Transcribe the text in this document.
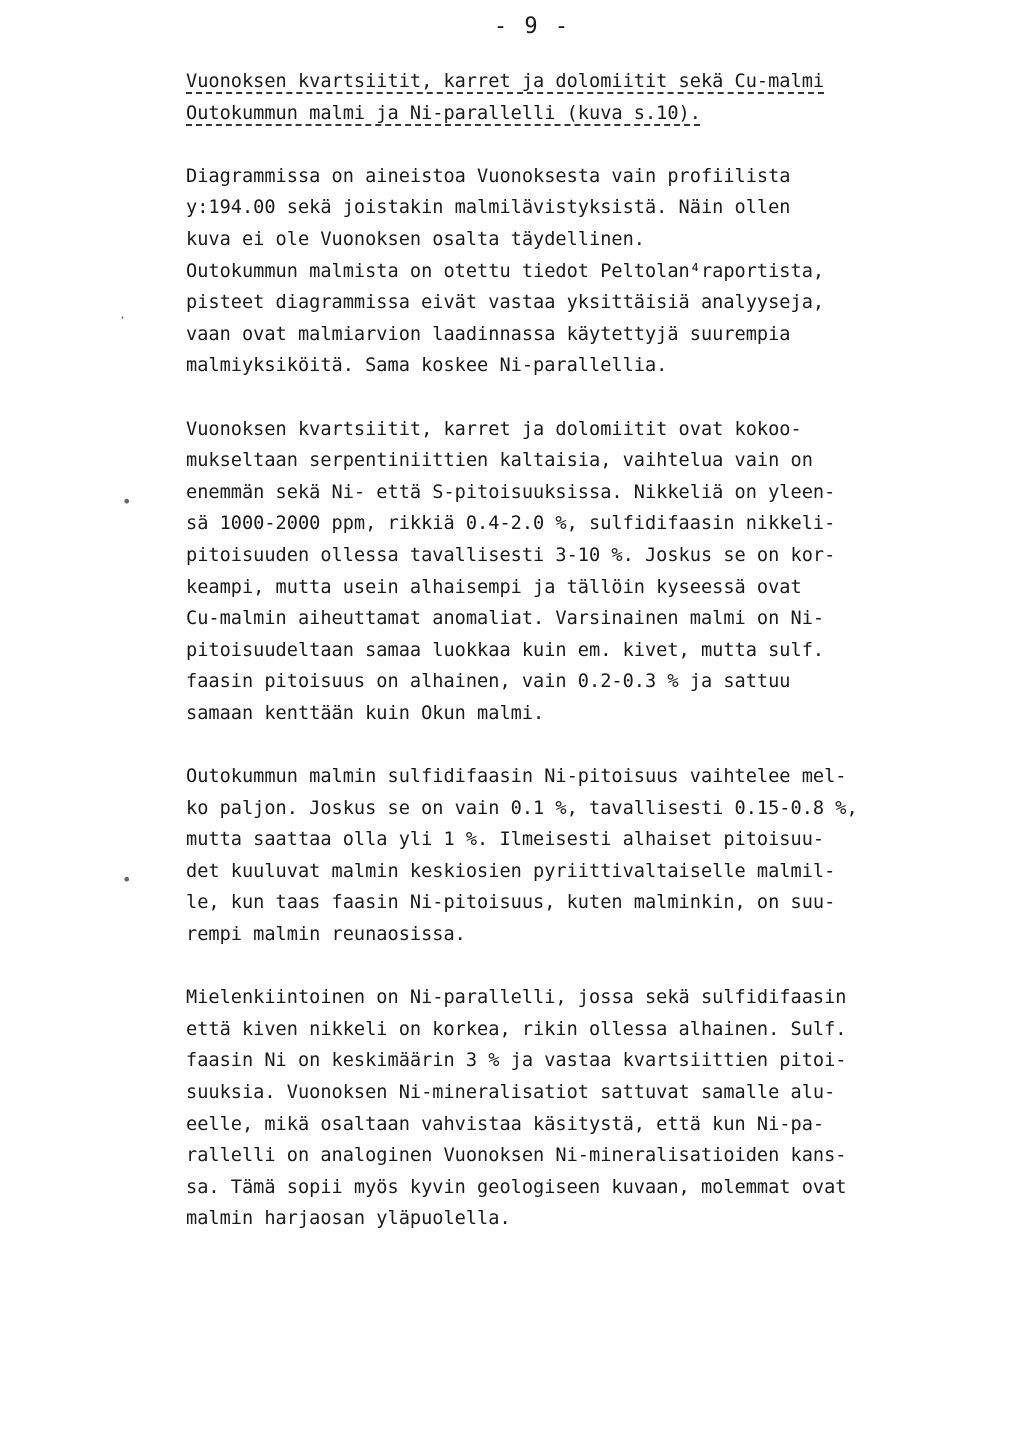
- 9 -
Vuonoksen kvartsiitit, karret ja dolomiitit sekä Cu-malmi
Outokummun malmi ja Ni-parallelli (kuva s.10).
Diagrammissa on aineistoa Vuonoksesta vain profiilista
y:194.00 sekä joistakin malmilävistyksistä. Näin ollen
kuva ei ole Vuonoksen osalta täydellinen.
Outokummun malmista on otettu tiedot Peltolan⁴raportista,
pisteet diagrammissa eivät vastaa yksittäisiä analyyseja,
vaan ovat malmiarvion laadinnassa käytettyjä suurempia
malmiyksiköitä. Sama koskee Ni-parallellia.
Vuonoksen kvartsiitit, karret ja dolomiitit ovat kokoo-
mukseltaan serpentiniittien kaltaisia, vaihtelua vain on
enemmän sekä Ni- että S-pitoisuuksissa. Nikkeliä on yleen-
sä 1000-2000 ppm, rikkiä 0.4-2.0 %, sulfidifaasin nikkeli-
pitoisuuden ollessa tavallisesti 3-10 %. Joskus se on kor-
keampi, mutta usein alhaisempi ja tällöin kyseessä ovat
Cu-malmin aiheuttamat anomaliat. Varsinainen malmi on Ni-
pitoisuudeltaan samaa luokkaa kuin em. kivet, mutta sulf.
faasin pitoisuus on alhainen, vain 0.2-0.3 % ja sattuu
samaan kenttään kuin Okun malmi.
Outokummun malmin sulfidifaasin Ni-pitoisuus vaihtelee mel-
ko paljon. Joskus se on vain 0.1 %, tavallisesti 0.15-0.8 %,
mutta saattaa olla yli 1 %. Ilmeisesti alhaiset pitoisuu-
det kuuluvat malmin keskiosien pyriittivaltaiselle malmil-
le, kun taas faasin Ni-pitoisuus, kuten malminkin, on suu-
rempi malmin reunaosissa.
Mielenkiintoinen on Ni-parallelli, jossa sekä sulfidifaasin
että kiven nikkeli on korkea, rikin ollessa alhainen. Sulf.
faasin Ni on keskimäärin 3 % ja vastaa kvartsiittien pitoi-
suuksia. Vuonoksen Ni-mineralisatiot sattuvat samalle alu-
eelle, mikä osaltaan vahvistaa käsitystä, että kun Ni-pa-
rallelli on analoginen Vuonoksen Ni-mineralisatioiden kans-
sa. Tämä sopii myös kyvin geologiseen kuvaan, molemmat ovat
malmin harjaosan yläpuolella.
•
•
·
